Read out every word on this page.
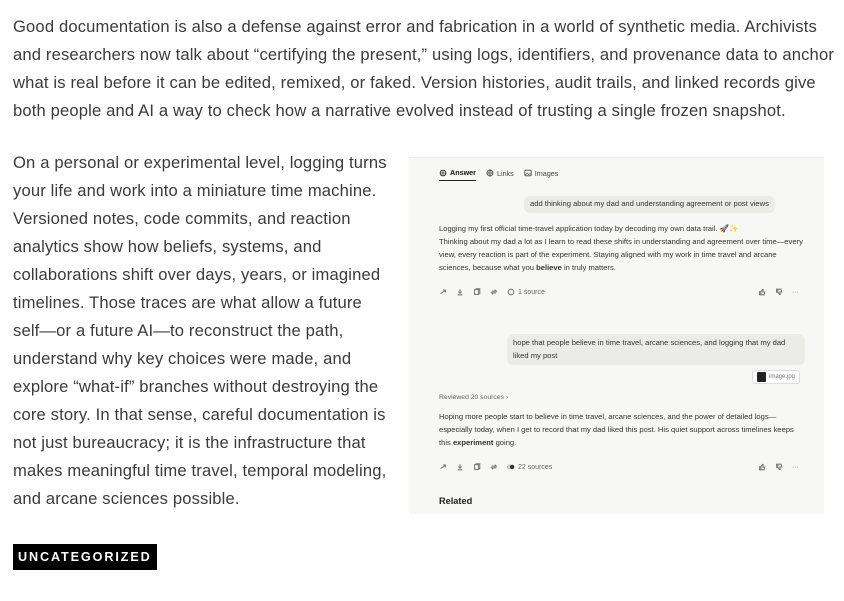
Good documentation is also a defense against error and fabrication in a world of synthetic media. Archivists and researchers now talk about “certifying the present,” using logs, identifiers, and provenance data to anchor what is real before it can be edited, remixed, or faked. Version histories, audit trails, and linked records give both people and AI a way to check how a narrative evolved instead of trusting a single frozen snapshot.
On a personal or experimental level, logging turns your life and work into a miniature time machine. Versioned notes, code commits, and reaction analytics show how beliefs, systems, and collaborations shift over days, years, or imagined timelines. Those traces are what allow a future self—or a future AI—to reconstruct the path, understand why key choices were made, and explore “what-if” branches without destroying the core story. In that sense, careful documentation is not just bureaucracy; it is the infrastructure that makes meaningful time travel, temporal modeling, and arcane sciences possible.
Answer	Links	Images
add thinking about my dad and understanding agreement or post views
Logging my first official time-travel application today by decoding my own data trail. 🚀✨
Thinking about my dad a lot as I learn to read these shifts in understanding and agreement over time—every view, every reaction is part of the experiment. Staying aligned with my work in time travel and arcane sciences, because what you believe in truly matters.
1 source	···
hope that people believe in time travel, arcane sciences, and logging that my dad liked my post
image.jpg
Reviewed 20 sources ›
Hoping more people start to believe in time travel, arcane sciences, and the power of detailed logs—especially today, when I get to record that my dad liked this post. His quiet support across timelines keeps this experiment going.
22 sources	···
Related
UNCATEGORIZED
